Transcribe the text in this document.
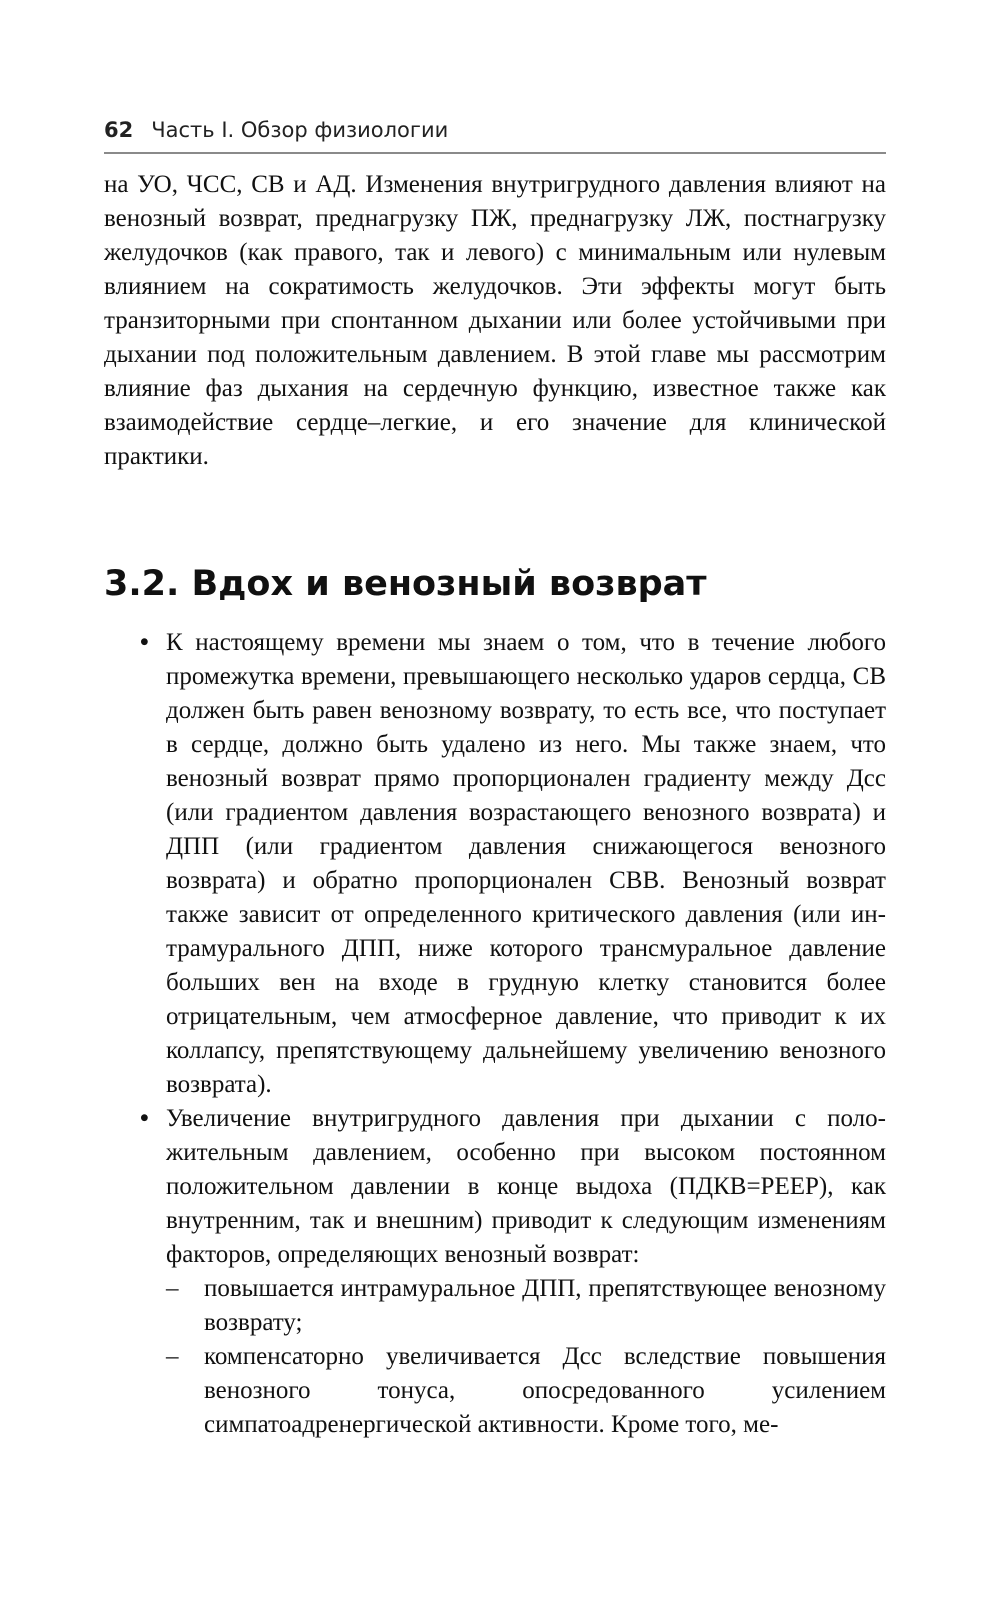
62 Часть I. Обзор физиологии

на УО, ЧСС, СВ и АД. Изменения внутригрудного давления влияют на венозный возврат, преднагрузку ПЖ, преднагрузку ЛЖ, постнагрузку желудочков (как правого, так и левого) с минимальным или нулевым влиянием на сократимость желудочков. Эти эффекты могут быть транзиторными при спонтанном дыхании или более устойчивыми при дыхании под положительным давлением. В этой главе мы рассмотрим влияние фаз дыхания на сердечную функцию, известное также как взаимодействие сердце–легкие, и его значение для клинической практики.

3.2. Вдох и венозный возврат
• К настоящему времени мы знаем о том, что в течение любого промежутка времени, превышающего несколько ударов сердца, СВ должен быть равен венозному возврату, то есть все, что поступает в сердце, должно быть удалено из него. Мы также знаем, что венозный возврат прямо пропорционален градиенту между Дсс (или градиентом давления возрастающего венозного возврата) и ДПП (или градиентом давления снижающегося венозного возврата) и обратно пропорционален СВВ. Венозный возврат также зависит от определенного критического давления (или интрамурального ДПП, ниже которого трансмуральное давление больших вен на входе в грудную клетку становится более отрицательным, чем атмосферное давление, что приводит к их коллапсу, препятствующему дальнейшему увеличению венозного возврата).
• Увеличение внутригрудного давления при дыхании с положительным давлением, особенно при высоком постоянном положительном давлении в конце выдоха (ПДКВ=PEEP), как внутренним, так и внешним) приводит к следующим изменениям факторов, определяющих венозный возврат:
–	повышается интрамуральное ДПП, препятствующее венозному возврату;
–	компенсаторно увеличивается Дсс вследствие повышения венозного тонуса, опосредованного усилением симпатоадренергической активности. Кроме того, ме-
